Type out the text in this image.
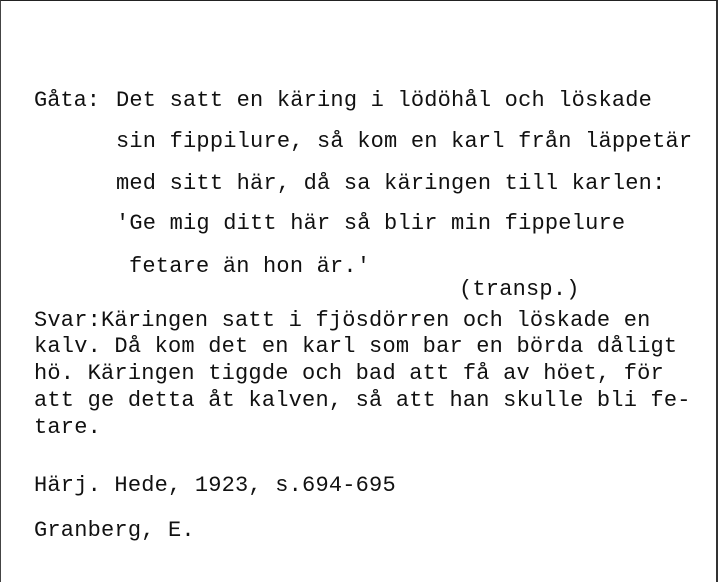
Gåta: Det satt en käring i lödöhål och löskade
sin fippilure, så kom en karl från läppetär
med sitt här, då sa käringen till karlen:
'Ge mig ditt här så blir min fippelure
fetare än hon är.'
(transp.)
Svar:Käringen satt i fjösdörren och löskade en
kalv. Då kom det en karl som bar en börda dåligt
hö. Käringen tiggde och bad att få av höet, för
att ge detta åt kalven, så att han skulle bli fe-
tare.
Härj. Hede, 1923, s.694-695
Granberg, E.
